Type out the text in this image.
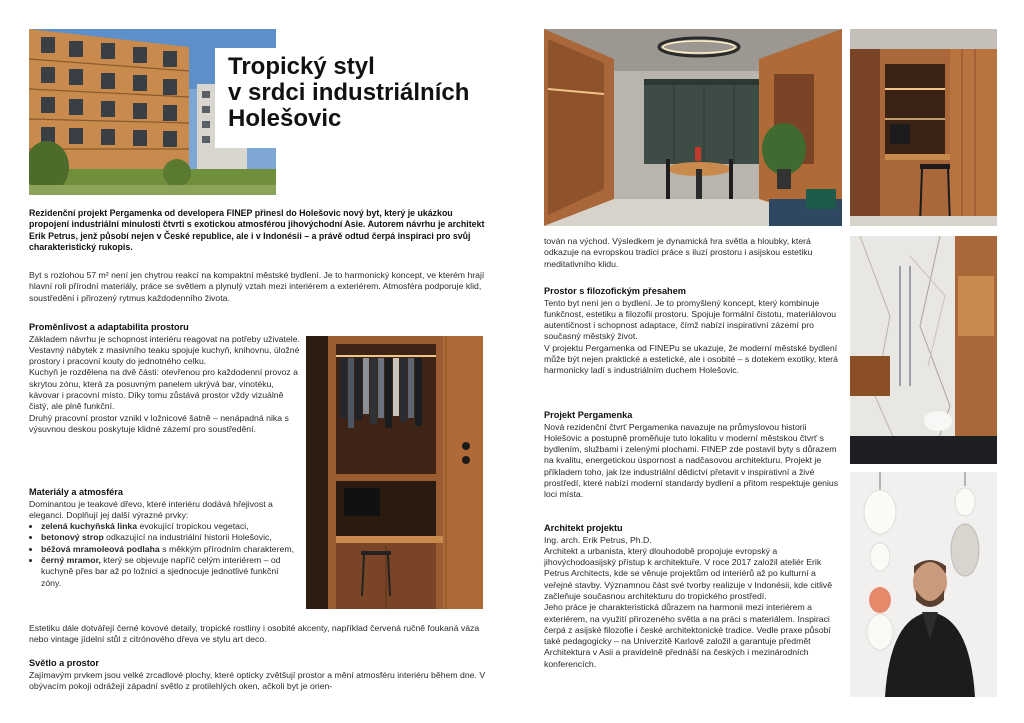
Tropický styl
v srdci industriálních
Holešovic
Rezidenční projekt Pergamenka od developera FINEP přinesl do Holešovic nový byt, který je ukázkou propojení industriální minulosti čtvrti s exotickou atmosférou jihovýchodní Asie. Autorem návrhu je architekt Erik Petrus, jenž působí nejen v České republice, ale i v Indonésii – a právě odtud čerpá inspiraci pro svůj charakteristický rukopis.
Byt s rozlohou 57 m² není jen chytrou reakcí na kompaktní městské bydlení. Je to harmonický koncept, ve kterém hrají hlavní roli přírodní materiály, práce se světlem a plynulý vztah mezi interiérem a exteriérem. Atmosféra podporuje klid, soustředění i přirozený rytmus každodenního života.
Proměnlivost a adaptabilita prostoru

Základem návrhu je schopnost interiéru reagovat na potřeby uživatele. Vestavný nábytek z masivního teaku spojuje kuchyň, knihovnu, úložné prostory i pracovní kouty do jednotného celku.

Kuchyň je rozdělena na dvě části: otevřenou pro každodenní provoz a skrytou zónu, která za posuvným panelem ukrývá bar, vinotéku, kávovar i pracovní místo. Díky tomu zůstává prostor vždy vizuálně čistý, ale plně funkční.

Druhý pracovní prostor vznikl v ložnicové šatně – nenápadná nika s výsuvnou deskou poskytuje klidné zázemí pro soustředění.

Materiály a atmosféra

Dominantou je teakové dřevo, které interiéru dodává hřejivost a eleganci. Doplňují jej další výrazné prvky:

• zelená kuchyňská linka evokující tropickou vegetaci,
• betonový strop odkazující na industriální historii Holešovic,
• béžová mramoleová podlaha s měkkým přírodním charakterem,
• černý mramor, který se objevuje napříč celým interiérem – od kuchyně přes bar až po ložnici a sjednocuje jednotlivé funkční zóny.
Estetiku dále dotvářejí černé kovové detaily, tropické rostliny i osobité akcenty, například červená ručně foukaná váza nebo vintage jídelní stůl z citrónového dřeva ve stylu art deco.
Světlo a prostor
Zajímavým prvkem jsou velké zrcadlové plochy, které opticky zvětšují prostor a mění atmosféru interiéru během dne. V obývacím pokoji odrážejí západní světlo z protilehlých oken, ačkoli byt je orien-
tován na východ. Výsledkem je dynamická hra světla a hloubky, která odkazuje na evropskou tradici práce s iluzí prostoru i asijskou estetiku meditativního klidu.
Prostor s filozofickým přesahem

Tento byt není jen o bydlení. Je to promyšlený koncept, který kombinuje funkčnost, estetiku a filozofii prostoru. Spojuje formální čistotu, materiálovou autentičnost i schopnost adaptace, čímž nabízí inspirativní zázemí pro současný městský život.

V projektu Pergamenka od FINEPu se ukazuje, že moderní městské bydlení může být nejen praktické a estetické, ale i osobité – s dotekem exotiky, která harmonicky ladí s industriálním duchem Holešovic.

Projekt Pergamenka
Nová rezidenční čtvrť Pergamenka navazuje na průmyslovou historii Holešovic a postupně proměňuje tuto lokalitu v moderní městskou čtvrť s bydlením, službami i zelenými plochami. FINEP zde postavil byty s důrazem na kvalitu, energetickou úspornost a nadčasovou architekturu. Projekt je příkladem toho, jak lze industriální dědictví přetavit v inspirativní a živé prostředí, které nabízí moderní standardy bydlení a přitom respektuje genius loci místa.
Architekt projektu

Ing. arch. Erik Petrus, Ph.D.

Architekt a urbanista, který dlouhodobě propojuje evropský a jihovýchodoasijský přístup k architektuře. V roce 2017 založil ateliér Erik Petrus Architects, kde se věnuje projektům od interiérů až po kulturní a veřejné stavby. Významnou část své tvorby realizuje v Indonésii, kde citlivě začleňuje současnou architekturu do tropického prostředí.

Jeho práce je charakteristická důrazem na harmonii mezi interiérem a exteriérem, na využití přirozeného světla a na práci s materiálem. Inspiraci čerpá z asijské filozofie i české architektonické tradice. Vedle praxe působí také pedagogicky – na Univerzitě Karlově založil a garantuje předmět Architektura v Asii a pravidelně přednáší na českých i mezinárodních konferencích.
